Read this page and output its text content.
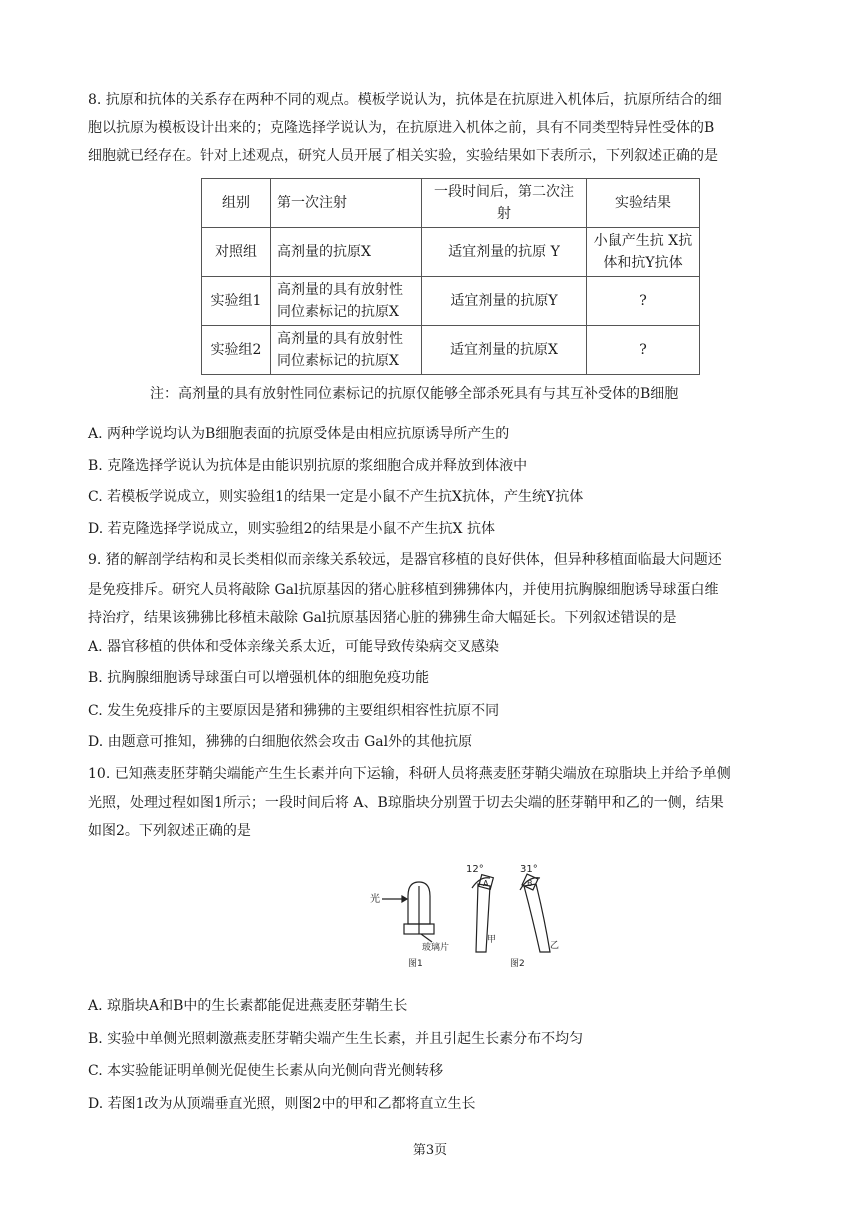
8. 抗原和抗体的关系存在两种不同的观点。模板学说认为，抗体是在抗原进入机体后，抗原所结合的细
胞以抗原为模板设计出来的；克隆选择学说认为，在抗原进入机体之前，具有不同类型特异性受体的B
细胞就已经存在。针对上述观点，研究人员开展了相关实验，实验结果如下表所示，下列叙述正确的是
组别	第一次注射	一段时间后，第二次注射	实验结果
对照组	高剂量的抗原X	适宜剂量的抗原 Y	小鼠产生抗 X抗
体和抗Y抗体
实验组1	高剂量的具有放射性
同位素标记的抗原X	适宜剂量的抗原Y	?
实验组2	高剂量的具有放射性
同位素标记的抗原X	适宜剂量的抗原X	?
注：高剂量的具有放射性同位素标记的抗原仅能够全部杀死具有与其互补受体的B细胞
A. 两种学说均认为B细胞表面的抗原受体是由相应抗原诱导所产生的
B. 克隆选择学说认为抗体是由能识别抗原的浆细胞合成并释放到体液中
C. 若模板学说成立，则实验组1的结果一定是小鼠不产生抗X抗体，产生统Y抗体
D. 若克隆选择学说成立，则实验组2的结果是小鼠不产生抗X 抗体
9. 猪的解剖学结构和灵长类相似而亲缘关系较远，是器官移植的良好供体，但异种移植面临最大问题还
是免疫排斥。研究人员将敲除 Gal抗原基因的猪心脏移植到狒狒体内，并使用抗胸腺细胞诱导球蛋白维
持治疗，结果该狒狒比移植未敲除 Gal抗原基因猪心脏的狒狒生命大幅延长。下列叙述错误的是
A. 器官移植的供体和受体亲缘关系太近，可能导致传染病交叉感染
B. 抗胸腺细胞诱导球蛋白可以增强机体的细胞免疫功能
C. 发生免疫排斥的主要原因是猪和狒狒的主要组织相容性抗原不同
D. 由题意可推知，狒狒的白细胞依然会攻击 Gal外的其他抗原
10. 已知燕麦胚芽鞘尖端能产生生长素并向下运输，科研人员将燕麦胚芽鞘尖端放在琼脂块上并给予单侧
光照，处理过程如图1所示；一段时间后将 A、B琼脂块分别置于切去尖端的胚芽鞘甲和乙的一侧，结果
如图2。下列叙述正确的是
光
玻璃片
图1
12°
A
甲
31°
B
乙
图2
A. 琼脂块A和B中的生长素都能促进燕麦胚芽鞘生长
B. 实验中单侧光照刺激燕麦胚芽鞘尖端产生生长素，并且引起生长素分布不均匀
C. 本实验能证明单侧光促使生长素从向光侧向背光侧转移
D. 若图1改为从顶端垂直光照，则图2中的甲和乙都将直立生长
第3页
